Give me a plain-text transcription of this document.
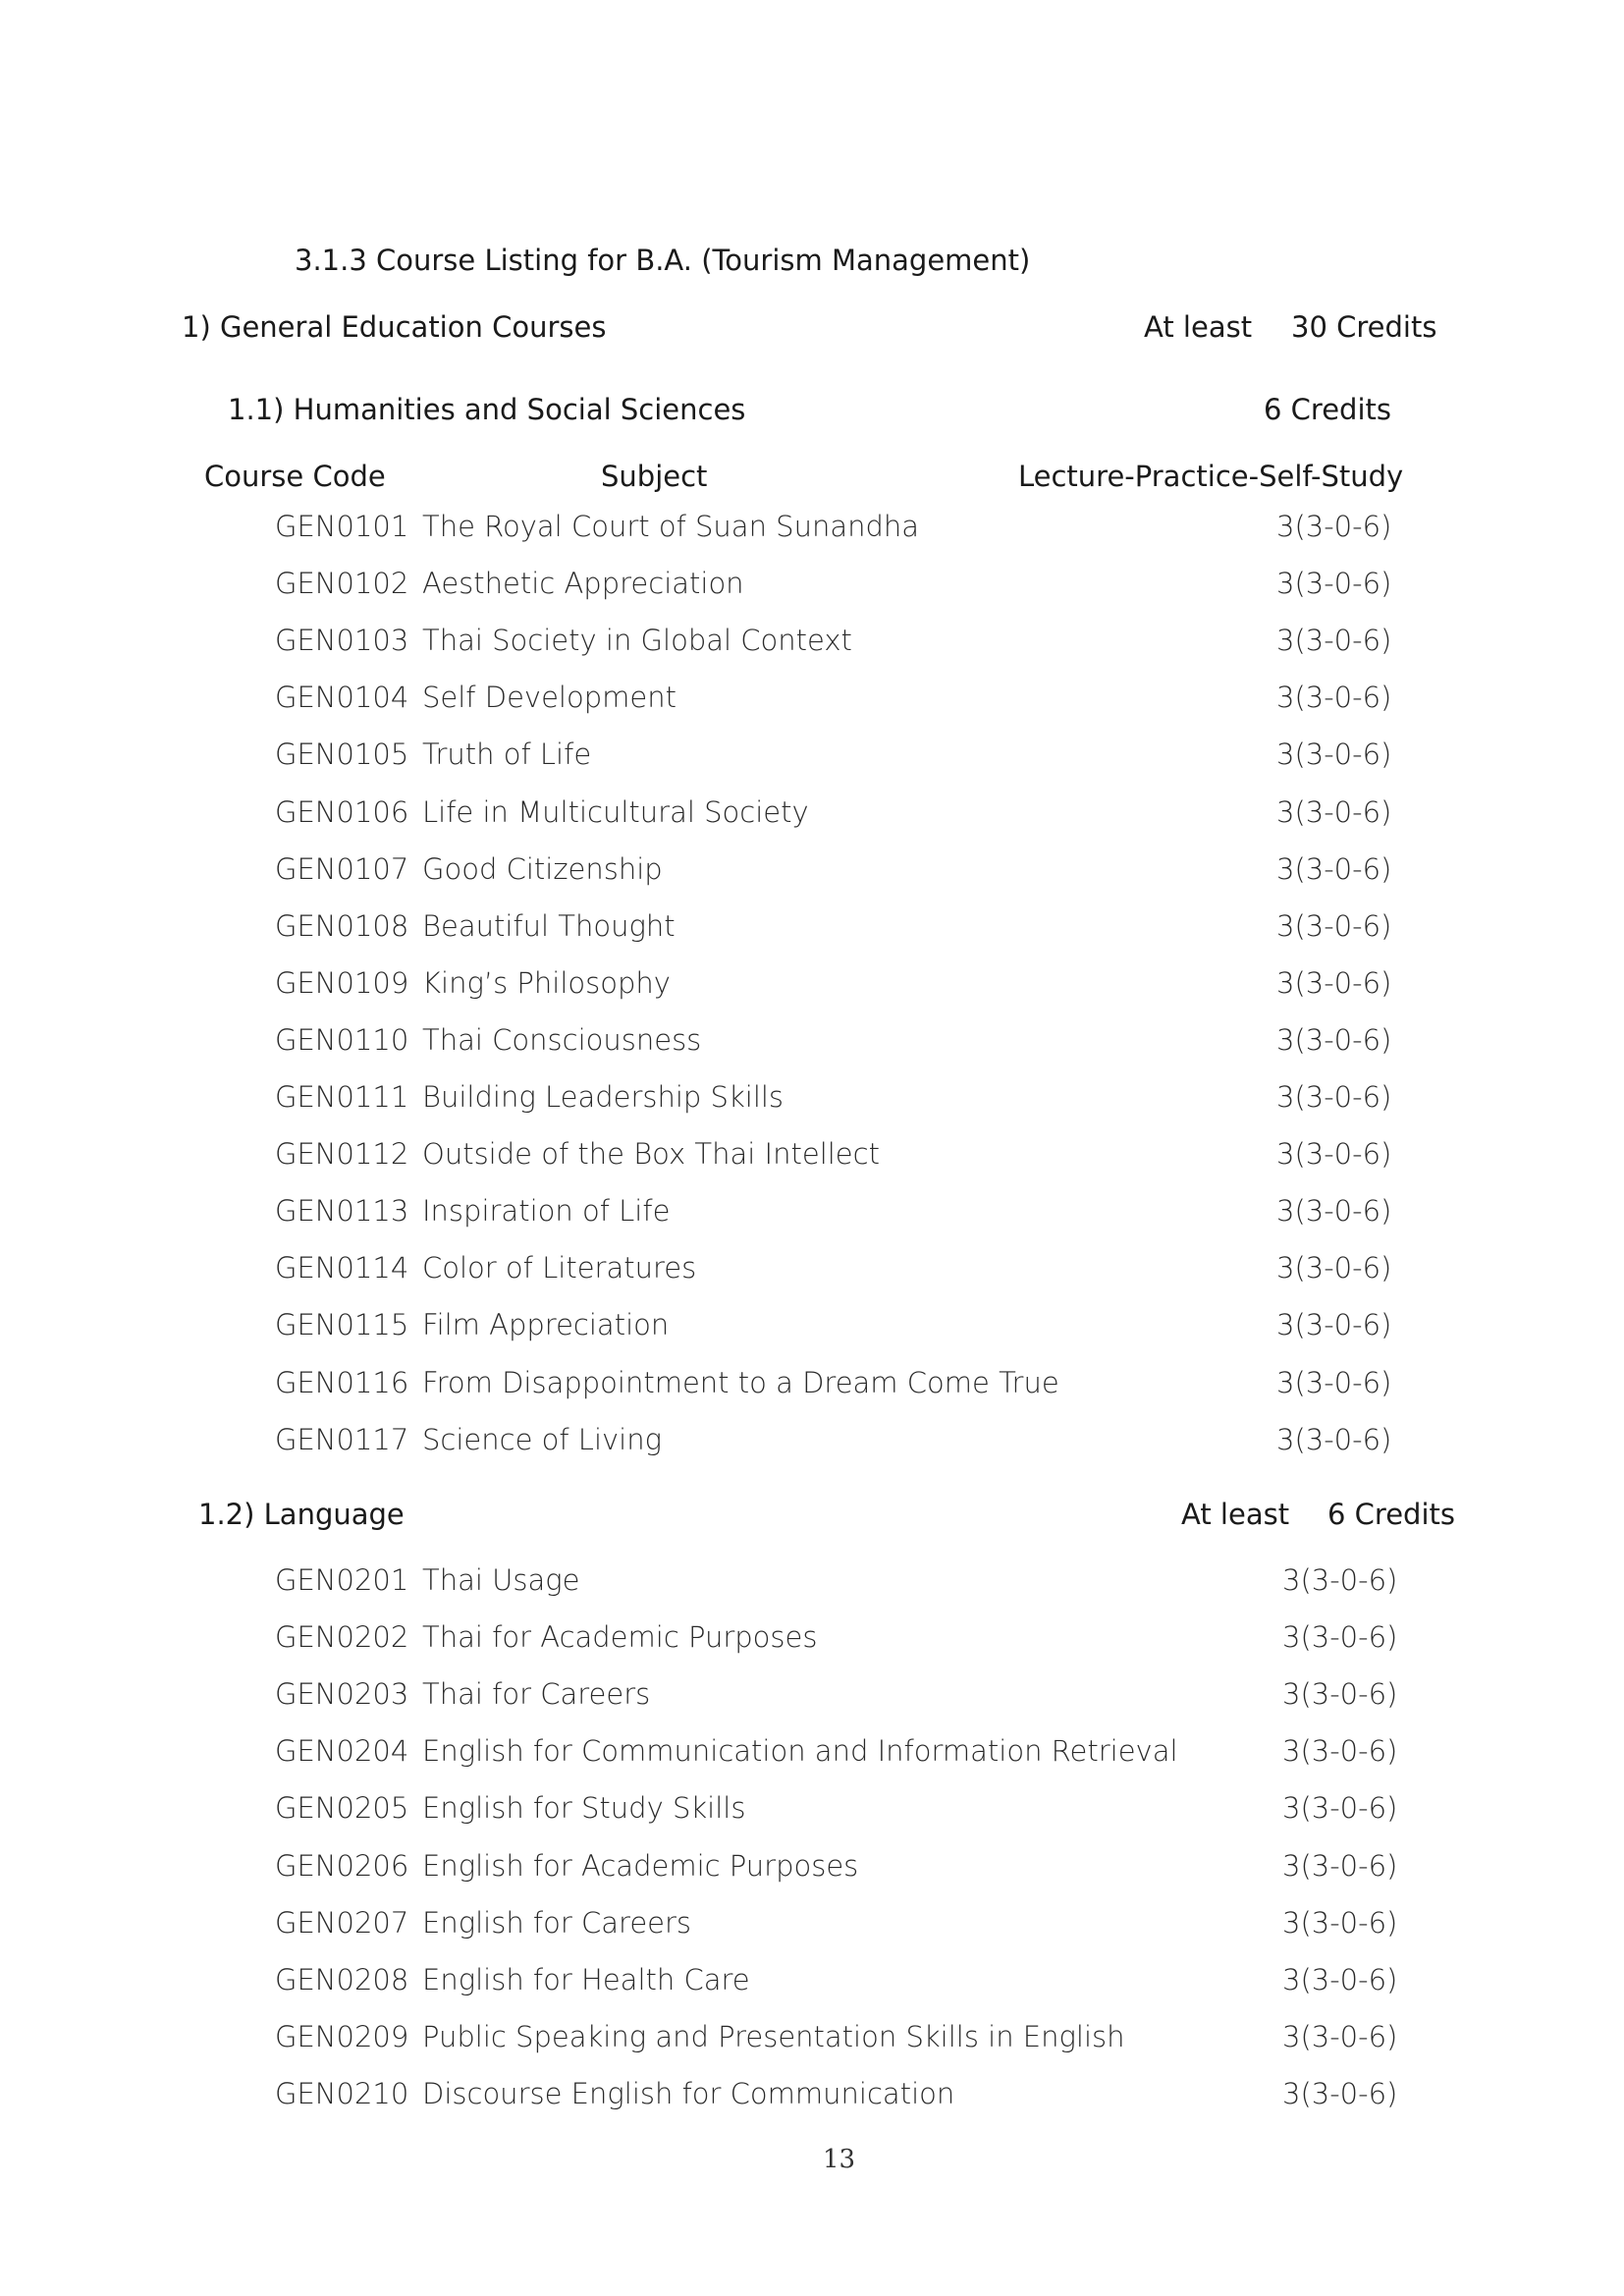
3.1.3 Course Listing for B.A. (Tourism Management)
1) General Education Courses	At least 30 Credits
1.1) Humanities and Social Sciences	6 Credits
Course Code	Subject	Lecture-Practice-Self-Study
GEN0101 The Royal Court of Suan Sunandha	3(3-0-6)
GEN0102 Aesthetic Appreciation	3(3-0-6)
GEN0103 Thai Society in Global Context	3(3-0-6)
GEN0104 Self Development	3(3-0-6)
GEN0105 Truth of Life	3(3-0-6)
GEN0106 Life in Multicultural Society	3(3-0-6)
GEN0107 Good Citizenship	3(3-0-6)
GEN0108 Beautiful Thought	3(3-0-6)
GEN0109 King’s Philosophy	3(3-0-6)
GEN0110 Thai Consciousness	3(3-0-6)
GEN0111 Building Leadership Skills	3(3-0-6)
GEN0112 Outside of the Box Thai Intellect	3(3-0-6)
GEN0113 Inspiration of Life	3(3-0-6)
GEN0114 Color of Literatures	3(3-0-6)
GEN0115 Film Appreciation	3(3-0-6)
GEN0116 From Disappointment to a Dream Come True	3(3-0-6)
GEN0117 Science of Living	3(3-0-6)
1.2) Language	At least 6 Credits
GEN0201 Thai Usage	3(3-0-6)
GEN0202 Thai for Academic Purposes	3(3-0-6)
GEN0203 Thai for Careers	3(3-0-6)
GEN0204 English for Communication and Information Retrieval	3(3-0-6)
GEN0205 English for Study Skills	3(3-0-6)
GEN0206 English for Academic Purposes	3(3-0-6)
GEN0207 English for Careers	3(3-0-6)
GEN0208 English for Health Care	3(3-0-6)
GEN0209 Public Speaking and Presentation Skills in English	3(3-0-6)
GEN0210 Discourse English for Communication	3(3-0-6)
13
